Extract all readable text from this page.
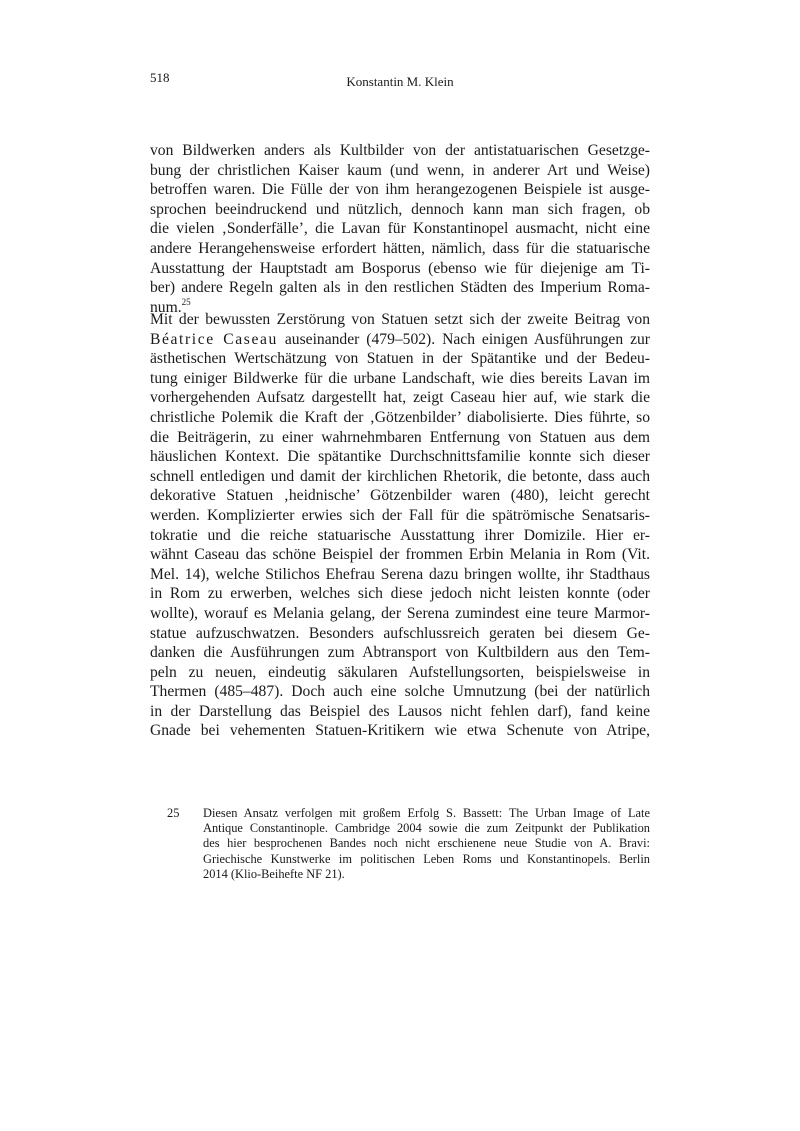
518	Konstantin M. Klein
von Bildwerken anders als Kultbilder von der antistatuarischen Gesetzge-
bung der christlichen Kaiser kaum (und wenn, in anderer Art und Weise)
betroffen waren. Die Fülle der von ihm herangezogenen Beispiele ist ausge-
sprochen beeindruckend und nützlich, dennoch kann man sich fragen, ob
die vielen ‚Sonderfälle’, die Lavan für Konstantinopel ausmacht, nicht eine
andere Herangehensweise erfordert hätten, nämlich, dass für die statuarische
Ausstattung der Hauptstadt am Bosporus (ebenso wie für diejenige am Ti-
ber) andere Regeln galten als in den restlichen Städten des Imperium Roma-
num.$^{25}$
Mit der bewussten Zerstörung von Statuen setzt sich der zweite Beitrag von
Béatrice Caseau auseinander (479–502). Nach einigen Ausführungen zur
ästhetischen Wertschätzung von Statuen in der Spätantike und der Bedeu-
tung einiger Bildwerke für die urbane Landschaft, wie dies bereits Lavan im
vorhergehenden Aufsatz dargestellt hat, zeigt Caseau hier auf, wie stark die
christliche Polemik die Kraft der ‚Götzenbilder’ diabolisierte. Dies führte, so
die Beiträgerin, zu einer wahrnehmbaren Entfernung von Statuen aus dem
häuslichen Kontext. Die spätantike Durchschnittsfamilie konnte sich dieser
schnell entledigen und damit der kirchlichen Rhetorik, die betonte, dass auch
dekorative Statuen ‚heidnische’ Götzenbilder waren (480), leicht gerecht
werden. Komplizierter erwies sich der Fall für die spätrömische Senatsaris-
tokratie und die reiche statuarische Ausstattung ihrer Domizile. Hier er-
wähnt Caseau das schöne Beispiel der frommen Erbin Melania in Rom (Vit.
Mel. 14), welche Stilichos Ehefrau Serena dazu bringen wollte, ihr Stadthaus
in Rom zu erwerben, welches sich diese jedoch nicht leisten konnte (oder
wollte), worauf es Melania gelang, der Serena zumindest eine teure Marmor-
statue aufzuschwatzen. Besonders aufschlussreich geraten bei diesem Ge-
danken die Ausführungen zum Abtransport von Kultbildern aus den Tem-
peln zu neuen, eindeutig säkularen Aufstellungsorten, beispielsweise in
Thermen (485–487). Doch auch eine solche Umnutzung (bei der natürlich
in der Darstellung das Beispiel des Lausos nicht fehlen darf), fand keine
Gnade bei vehementen Statuen-Kritikern wie etwa Schenute von Atripe,
25 Diesen Ansatz verfolgen mit großem Erfolg S. Bassett: The Urban Image of Late
Antique Constantinople. Cambridge 2004 sowie die zum Zeitpunkt der Publikation
des hier besprochenen Bandes noch nicht erschienene neue Studie von A. Bravi:
Griechische Kunstwerke im politischen Leben Roms und Konstantinopels. Berlin
2014 (Klio-Beihefte NF 21).
